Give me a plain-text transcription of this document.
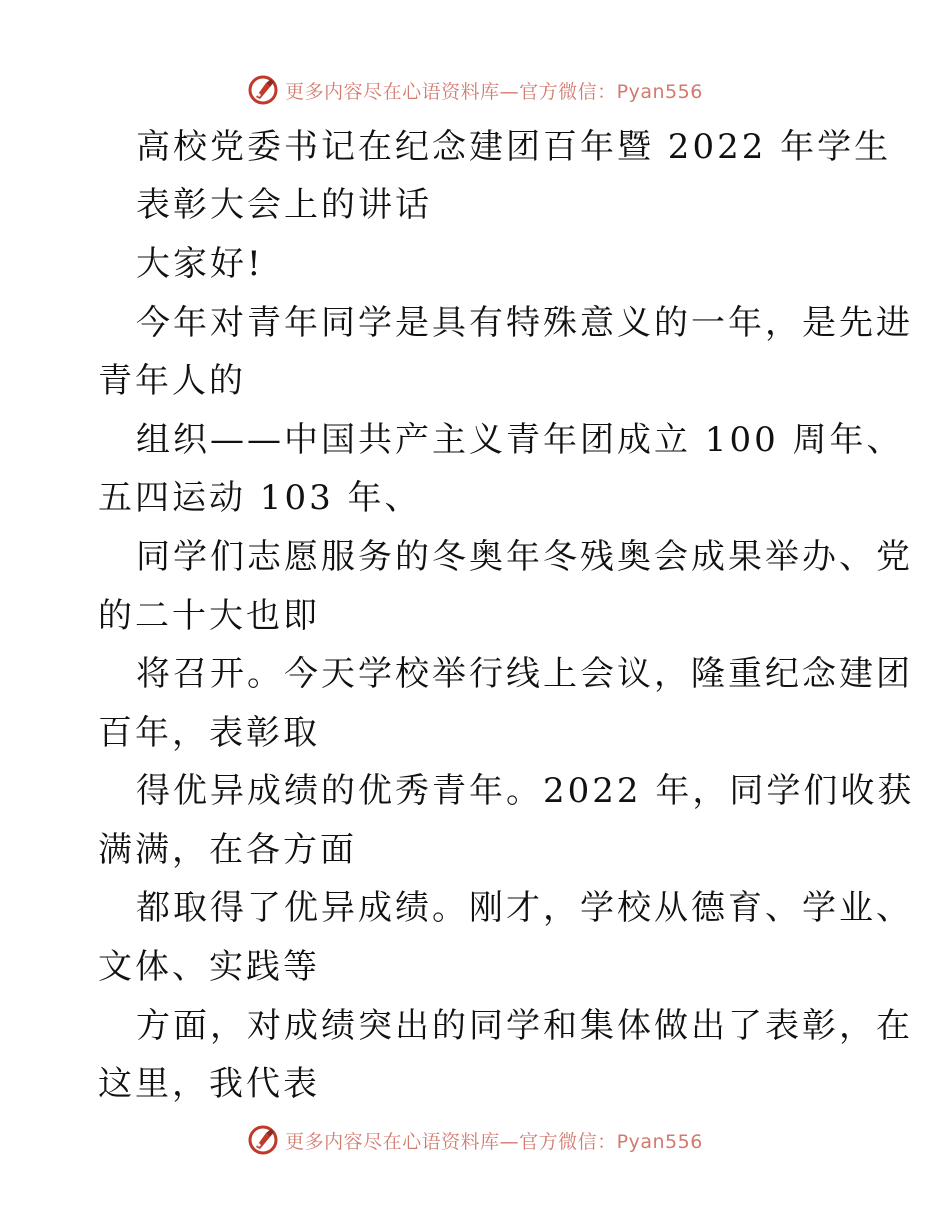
更多内容尽在心语资料库—官方微信：Pyan556
高校党委书记在纪念建团百年暨 2022 年学生
表彰大会上的讲话
大家好!
今年对青年同学是具有特殊意义的一年，是先进
青年人的
组织——中国共产主义青年团成立 100 周年、
五四运动 103 年、
同学们志愿服务的冬奥年冬残奥会成果举办、党
的二十大也即
将召开。今天学校举行线上会议，隆重纪念建团
百年，表彰取
得优异成绩的优秀青年。2022 年，同学们收获
满满，在各方面
都取得了优异成绩。刚才，学校从德育、学业、
文体、实践等
方面，对成绩突出的同学和集体做出了表彰，在
这里，我代表
更多内容尽在心语资料库—官方微信：Pyan556
